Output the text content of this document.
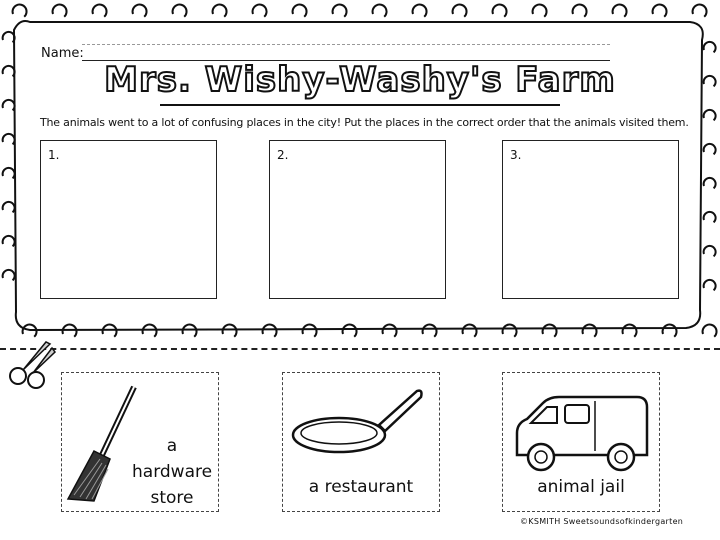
Name:
Mrs. Wishy-Washy's Farm
The animals went to a lot of confusing places in the city! Put the places in the correct order that the animals visited them.
1.	2.	3.
a hardware store
a restaurant	animal jail
©KSMITH Sweetsoundsofkindergarten
